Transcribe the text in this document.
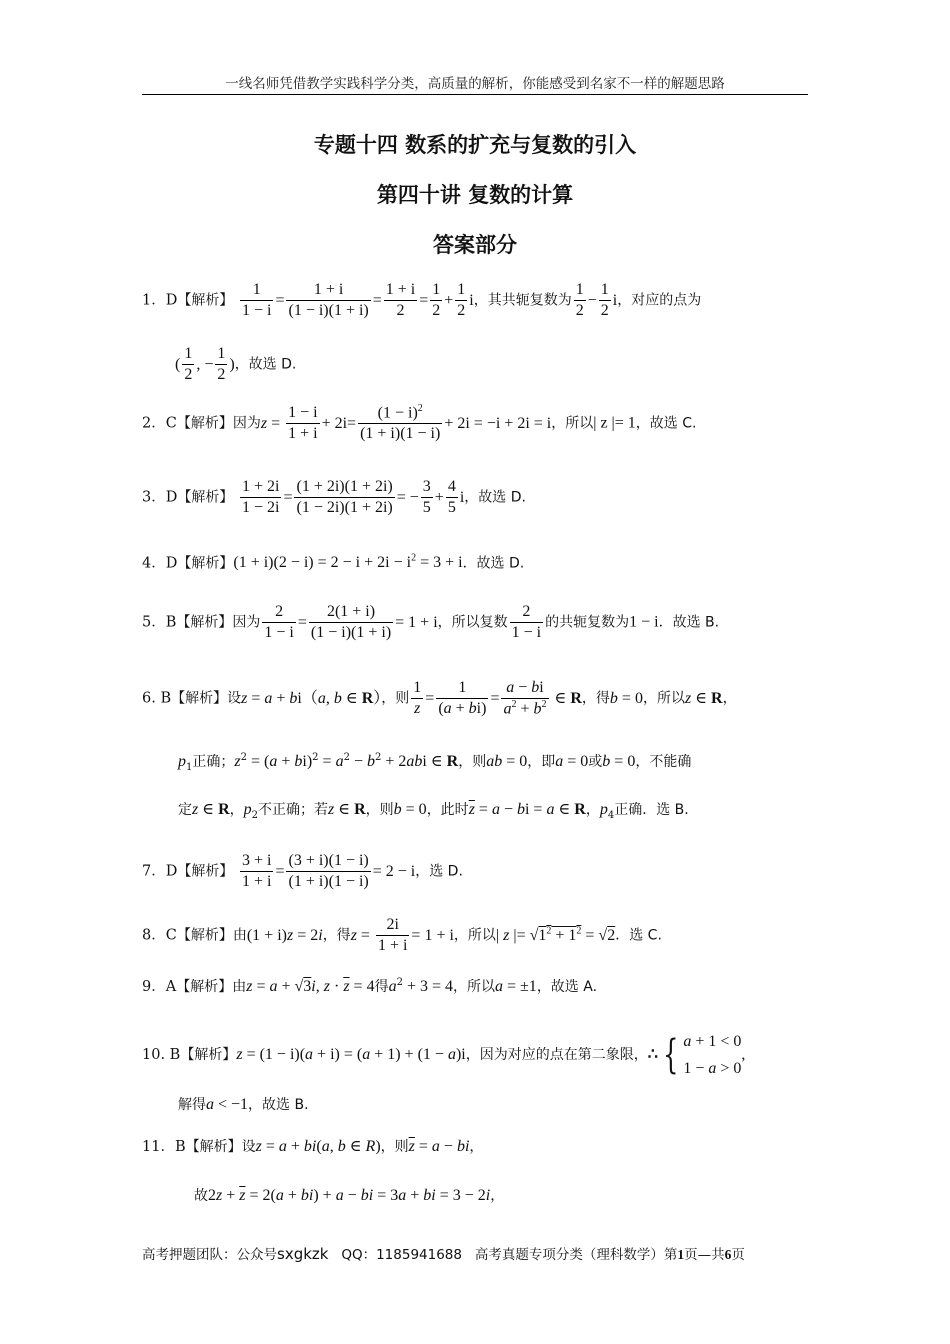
一线名师凭借教学实践科学分类，高质量的解析，你能感受到名家不一样的解题思路
专题十四 数系的扩充与复数的引入
第四十讲 复数的计算
答案部分
1．D【解析】 $\frac{1}{1 - i} = \frac{1 + i}{(1 - i)(1 + i)} = \frac{1 + i}{2} = \frac{1}{2} + \frac{1}{2}$ i，其共轭复数为 $\frac{1}{2} - \frac{1}{2}$ i，对应的点为
( $\frac{1}{2}$ , − $\frac{1}{2}$ )，故选 D.
2．C【解析】因为$z = \frac{1 - i}{1 + i} + 2i= \frac{(1 - i)^2}{(1 + i)(1 - i)} + 2i = -i + 2i = i$，所以| z |= 1，故选 C.
3．D【解析】 $\frac{1 + 2i}{1 - 2i} = \frac{(1 + 2i)(1 + 2i)}{(1 - 2i)(1 + 2i)}$ = − $\frac{3}{5} + \frac{4}{5}$ i，故选 D.
4．D【解析】$(1 + i)(2 - i) = 2 - i + 2i - i^2 = 3 + i$．故选 D.
5．B【解析】因为 $\frac{2}{1 - i} = \frac{2(1 + i)}{(1 - i)(1 + i)} = 1 + i$，所以复数 $\frac{2}{1 - i}$ 的共轭复数为1 − i．故选 B.
6. B【解析】设z = a + bi（a, b ∈ R），则 $\frac{1}{z} = \frac{1}{(a + bi)} = \frac{a - bi}{a^2 + b^2}$ ∈ R，得b = 0，所以z ∈ R，
$p_1$正确；$z^2 = (a + bi)^2 = a^2 - b^2 + 2abi$ ∈ R，则ab = 0，即a = 0或b = 0，不能确
定z ∈ R，$p_2$不正确；若z ∈ R，则b = 0，此时$\overline{z} = a$ − bi = a ∈ R，$p_4$正确．选 B.
7．D【解析】 $\frac{3 + i}{1 + i} = \frac{(3 + i)(1 - i)}{(1 + i)(1 - i)} = 2 - i$，选 D.
8．C【解析】由(1 + i)z = 2i，得$z = \frac{2i}{1 + i} = 1 + i$，所以| z |= $√1^2 + 1^2 = √2$．选 C.
9．A【解析】由z = a + √3i, $z \cdot \overline{z} = 4$得$a^2 + 3 = 4$，所以a = ±1，故选 A.
10. B【解析】z = (1 − i)(a + i) = (a + 1) + (1 − a)i，因为对应的点在第二象限，∴ { a + 1 < 0
1 − a > 0
,
解得a < −1，故选 B.
11．B【解析】设z = a + bi(a, b ∈ R)，则$\overline{z} = a$ − bi，
故$2z + \overline{z} = 2(a + bi) + a$ − bi = 3a + bi = 3 − 2i，
高考押题团队：公众号sxgkzk QQ：1185941688 高考真题专项分类（理科数学）第1页—共6页
